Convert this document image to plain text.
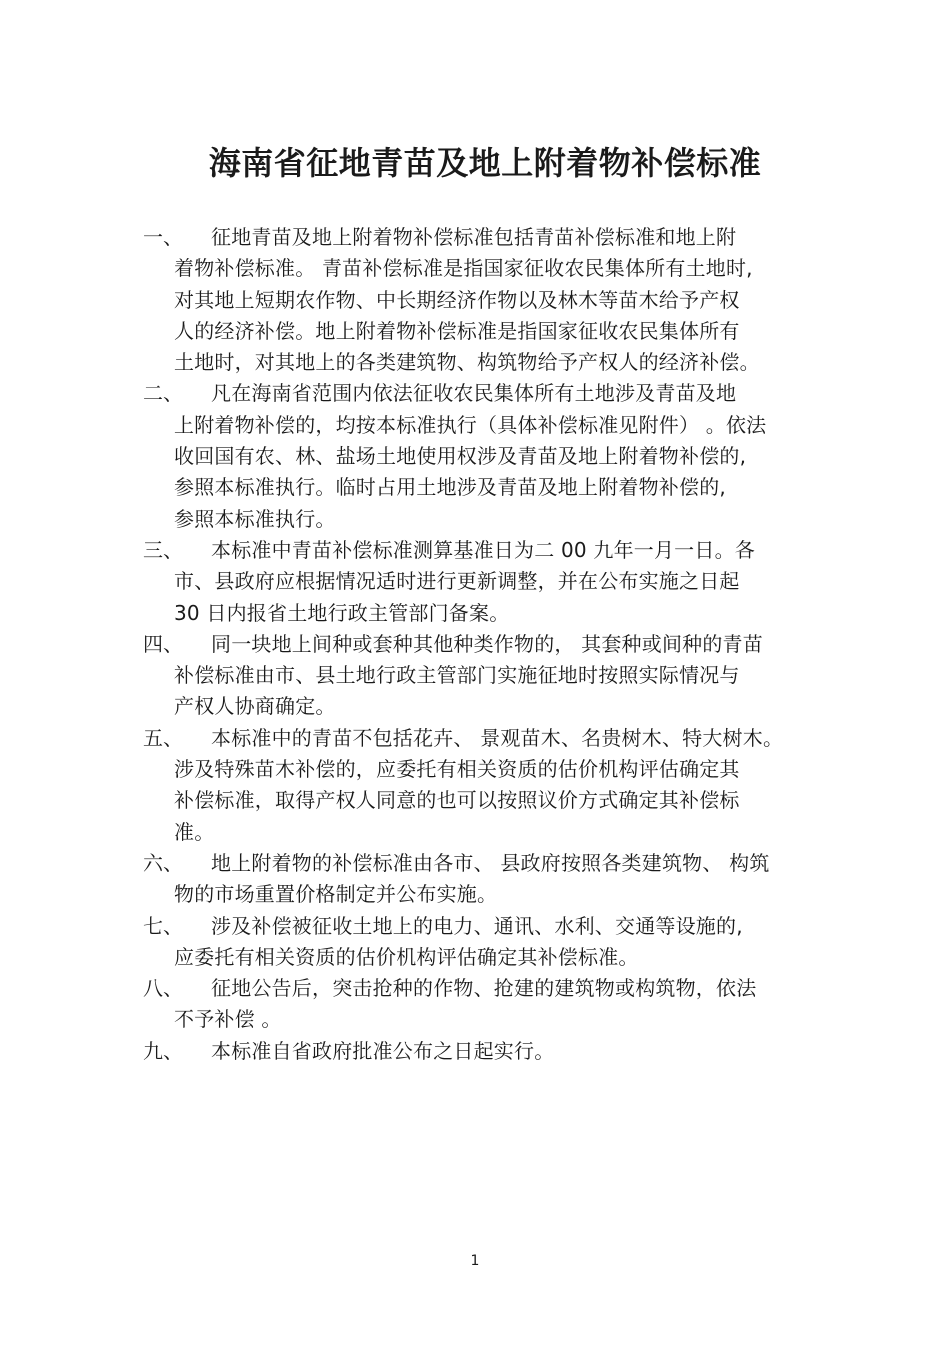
海南省征地青苗及地上附着物补偿标准
一、	征地青苗及地上附着物补偿标准包括青苗补偿标准和地上附
着物补偿标准。 青苗补偿标准是指国家征收农民集体所有土地时,
对其地上短期农作物、中长期经济作物以及林木等苗木给予产权
人的经济补偿。地上附着物补偿标准是指国家征收农民集体所有
土地时，对其地上的各类建筑物、构筑物给予产权人的经济补偿。
二、	凡在海南省范围内依法征收农民集体所有土地涉及青苗及地
上附着物补偿的，均按本标准执行（具体补偿标准见附件） 。依法
收回国有农、林、盐场土地使用权涉及青苗及地上附着物补偿的,
参照本标准执行。临时占用土地涉及青苗及地上附着物补偿的,
参照本标准执行。
三、	本标准中青苗补偿标准测算基准日为二 00 九年一月一日。各
市、县政府应根据情况适时进行更新调整，并在公布实施之日起
30 日内报省土地行政主管部门备案。
四、	同一块地上间种或套种其他种类作物的， 其套种或间种的青苗
补偿标准由市、县土地行政主管部门实施征地时按照实际情况与
产权人协商确定。
五、	本标准中的青苗不包括花卉、 景观苗木、名贵树木、特大树木。
涉及特殊苗木补偿的，应委托有相关资质的估价机构评估确定其
补偿标准，取得产权人同意的也可以按照议价方式确定其补偿标
准。
六、	地上附着物的补偿标准由各市、 县政府按照各类建筑物、 构筑
物的市场重置价格制定并公布实施。
七、	涉及补偿被征收土地上的电力、通讯、水利、交通等设施的,
应委托有相关资质的估价机构评估确定其补偿标准。
八、	征地公告后，突击抢种的作物、抢建的建筑物或构筑物，依法
不予补偿 。
九、	本标准自省政府批准公布之日起实行。
1
